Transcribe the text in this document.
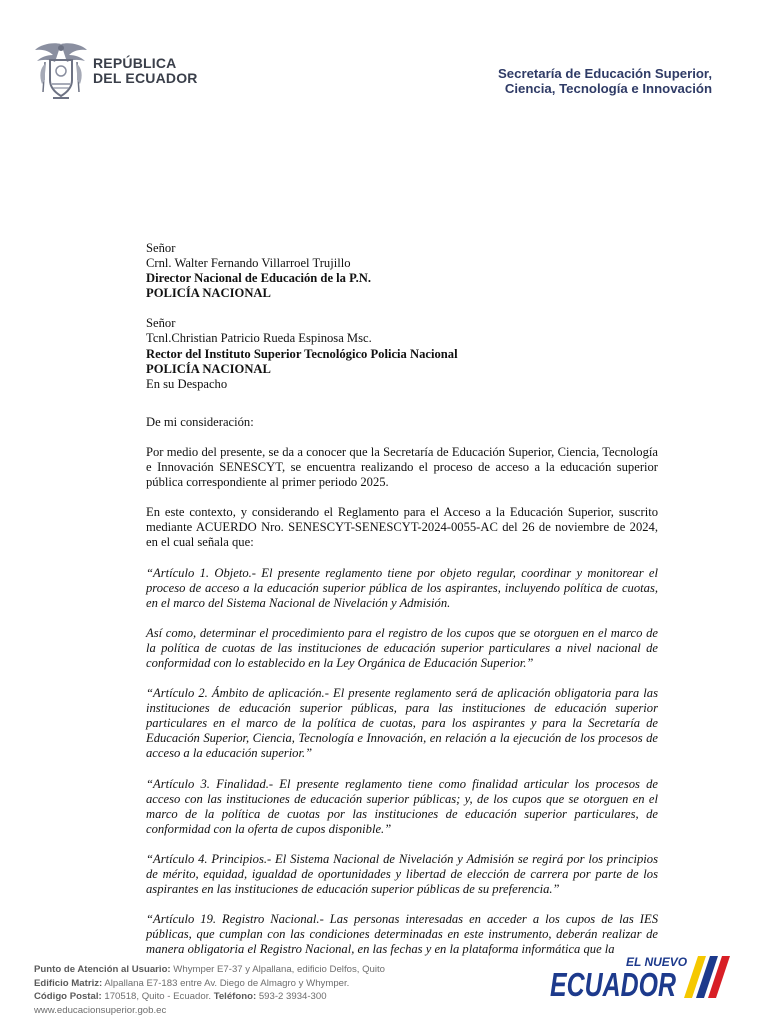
REPÚBLICA
DEL ECUADOR	Secretaría de Educación Superior,
Ciencia, Tecnología e Innovación
Señor
Crnl. Walter Fernando Villarroel Trujillo
Director Nacional de Educación de la P.N.
POLICÍA NACIONAL
Señor
Tcnl.Christian Patricio Rueda Espinosa Msc.
Rector del Instituto Superior Tecnológico Policia Nacional
POLICÍA NACIONAL
En su Despacho

De mi consideración:

Por medio del presente, se da a conocer que la Secretaría de Educación Superior, Ciencia, Tecnología e Innovación SENESCYT, se encuentra realizando el proceso de acceso a la educación superior pública correspondiente al primer periodo 2025.

En este contexto, y considerando el Reglamento para el Acceso a la Educación Superior, suscrito mediante ACUERDO Nro. SENESCYT-SENESCYT-2024-0055-AC del 26 de noviembre de 2024, en el cual señala que:

“Artículo 1. Objeto.- El presente reglamento tiene por objeto regular, coordinar y monitorear el proceso de acceso a la educación superior pública de los aspirantes, incluyendo política de cuotas, en el marco del Sistema Nacional de Nivelación y Admisión.

Así como, determinar el procedimiento para el registro de los cupos que se otorguen en el marco de la política de cuotas de las instituciones de educación superior particulares a nivel nacional de conformidad con lo establecido en la Ley Orgánica de Educación Superior.”

“Artículo 2. Ámbito de aplicación.- El presente reglamento será de aplicación obligatoria para las instituciones de educación superior públicas, para las instituciones de educación superior particulares en el marco de la política de cuotas, para los aspirantes y para la Secretaría de Educación Superior, Ciencia, Tecnología e Innovación, en relación a la ejecución de los procesos de acceso a la educación superior.”

“Artículo 3. Finalidad.- El presente reglamento tiene como finalidad articular los procesos de acceso con las instituciones de educación superior públicas; y, de los cupos que se otorguen en el marco de la política de cuotas por las instituciones de educación superior particulares, de conformidad con la oferta de cupos disponible.”

“Artículo 4. Principios.- El Sistema Nacional de Nivelación y Admisión se regirá por los principios de mérito, equidad, igualdad de oportunidades y libertad de elección de carrera por parte de los aspirantes en las instituciones de educación superior públicas de su preferencia.”

“Artículo 19. Registro Nacional.- Las personas interesadas en acceder a los cupos de las IES públicas, que cumplan con las condiciones determinadas en este instrumento, deberán realizar de manera obligatoria el Registro Nacional, en las fechas y en la plataforma informática que la

Punto de Atención al Usuario: Whymper E7-37 y Alpallana, edificio Delfos, Quito
Edificio Matriz: Alpallana E7-183 entre Av. Diego de Almagro y Whymper.
Código Postal: 170518, Quito - Ecuador. Teléfono: 593-2 3934-300
www.educacionsuperior.gob.ec
EL NUEVO
ECUADOR
